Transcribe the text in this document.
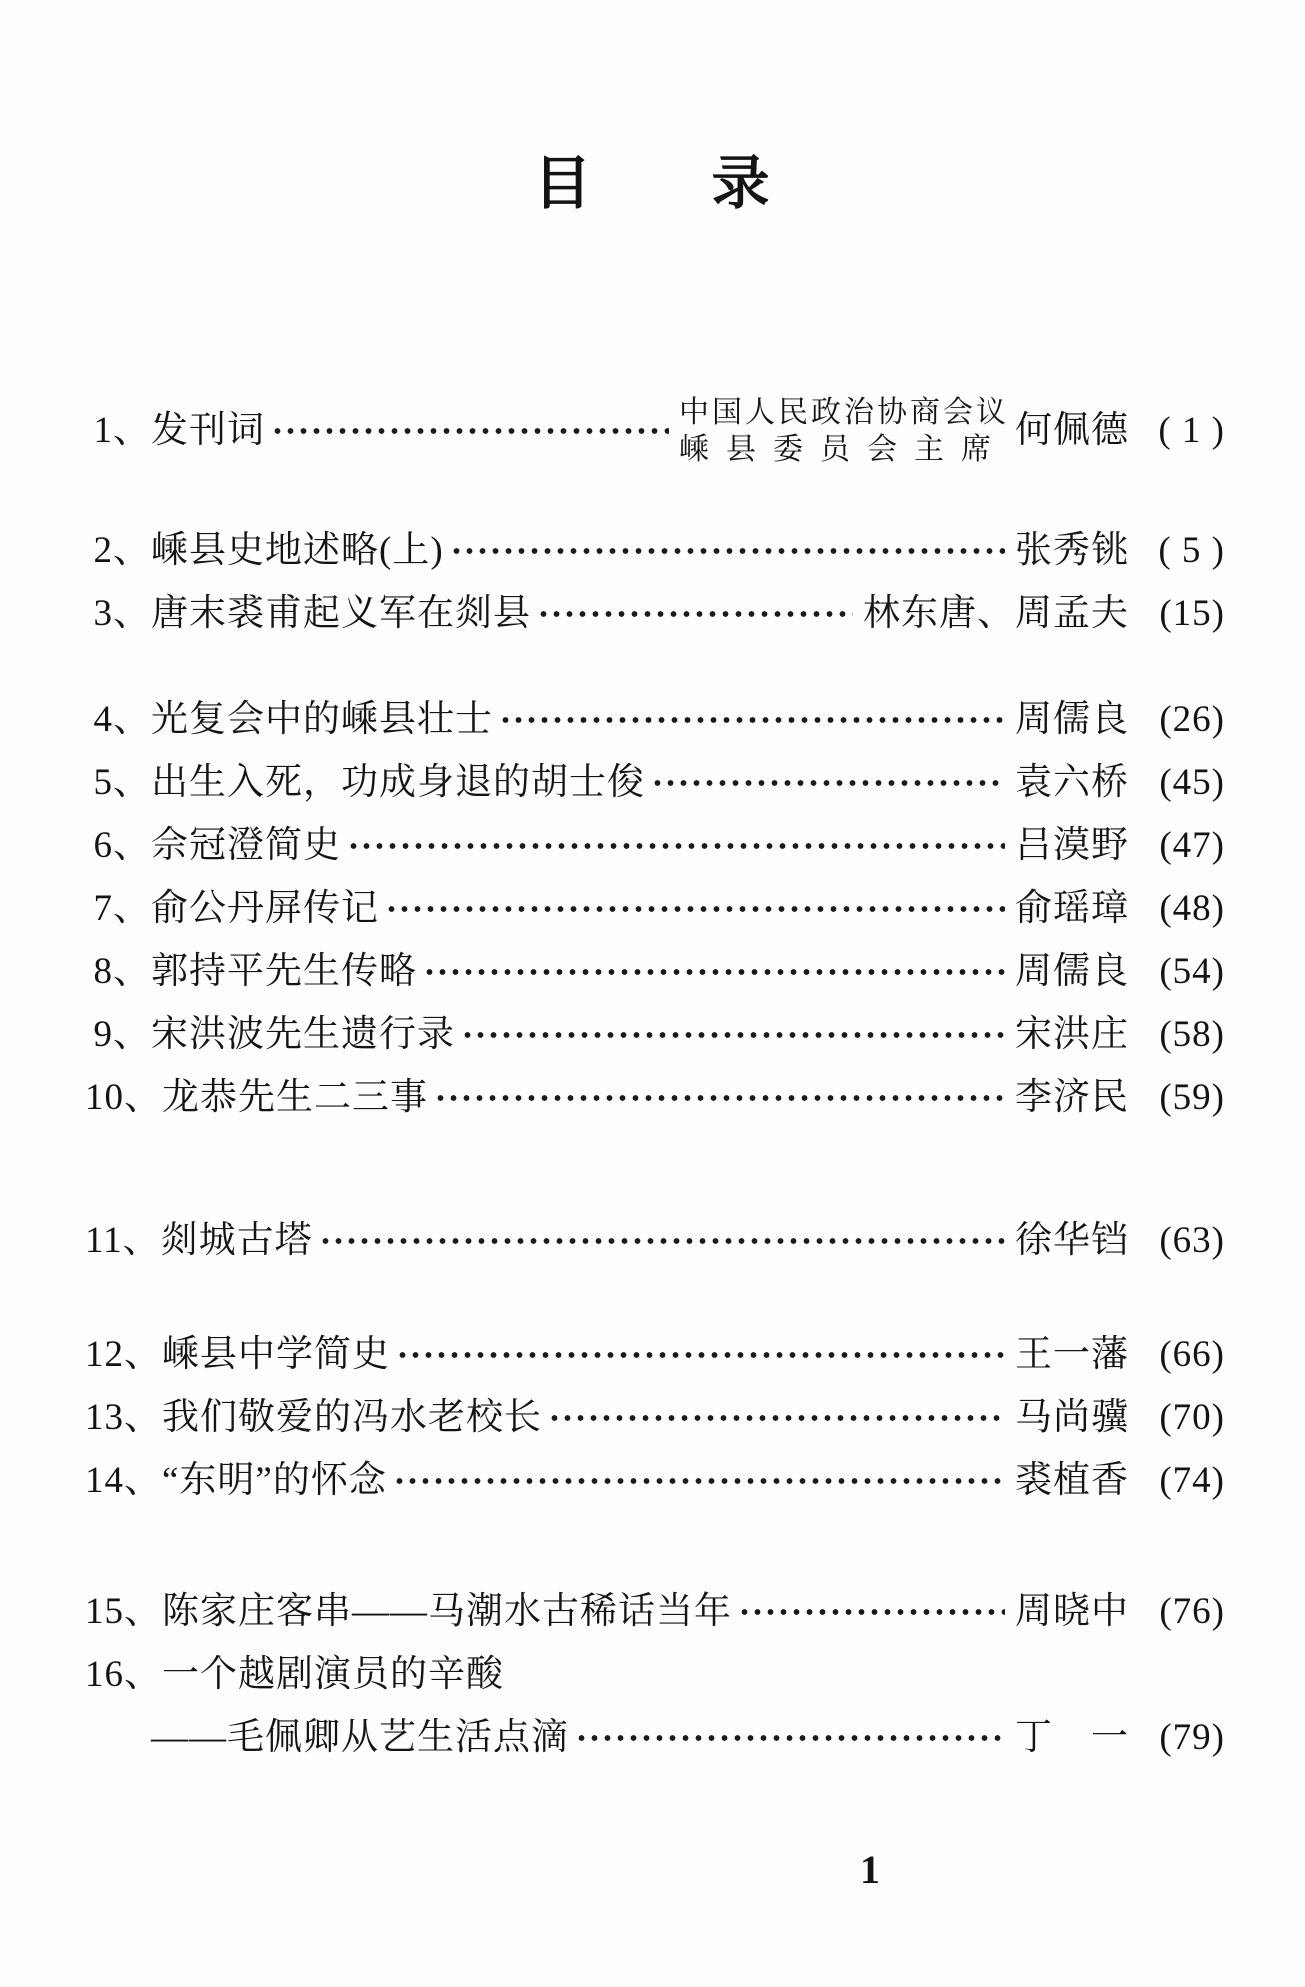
目 录
1、 发刊词	中国人民政治协商会议
嵊县委员会主席 何佩德 ( 1 )
2、 嵊县史地述略(上)	张秀铫 ( 5 )
3、 唐末裘甫起义军在剡县	林东唐、周孟夫 (15)
4、 光复会中的嵊县壮士	周儒良 (26)
5、 出生入死，功成身退的胡士俊	袁六桥 (45)
6、 佘冠澄简史	吕漠野 (47)
7、 俞公丹屏传记	俞瑶璋 (48)
8、 郭持平先生传略	周儒良 (54)
9、 宋洪波先生遗行录	宋洪庄 (58)
10、 龙恭先生二三事	李济民 (59)
11、 剡城古塔	徐华铛 (63)
12、 嵊县中学简史	王一藩 (66)
13、 我们敬爱的冯水老校长	马尚骥 (70)
14、 “东明”的怀念	裘植香 (74)
15、 陈家庄客串——马潮水古稀话当年	周晓中 (76)
16、 一个越剧演员的辛酸
——毛佩卿从艺生活点滴	丁　一 (79)
1
